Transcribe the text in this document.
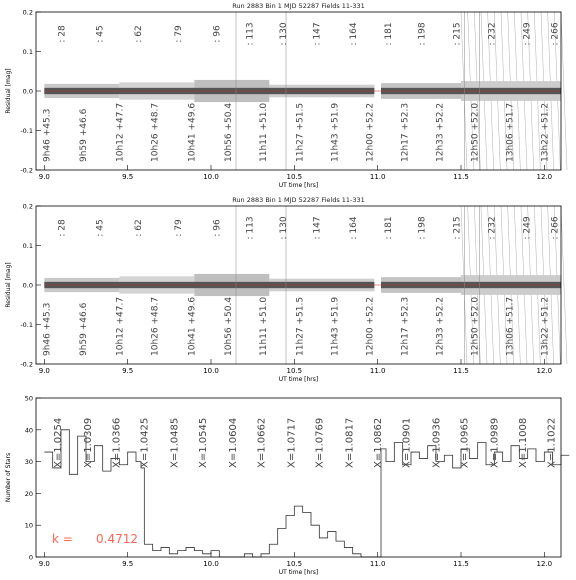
Run 2883 Bin 1 MJD 52287 Fields 11-331
: 28	: 45	: 62	: 79	: 96	: 113	: 130	: 147	: 164	: 181	: 198	: 215	: 232	: 249 : 266
9h46 +45.3	9h59 +46.6	10h12 +47.7	10h26 +48.7	10h41 +49.6	10h56 +50.4	11h11 +51.0	11h27 +51.5	11h43 +51.9	12h00 +52.2	12h17 +52.3	12h33 +52.2	12h50 +52.0	13h06 +51.7	13h22 +51.2
9.0	9.5	10.0	10.5	11.0	11.5	12.0
-0.2
-0.1
0.0
0.1
0.2
UT time [hrs]
Residual [mag]
Run 2883 Bin 1 MJD 52287 Fields 11-331
: 28	: 45	: 62	: 79	: 96	: 113	: 130	: 147	: 164	: 181	: 198	: 215	: 232	: 249 : 266
9h46 +45.3	9h59 +46.6	10h12 +47.7	10h26 +48.7	10h41 +49.6	10h56 +50.4	11h11 +51.0	11h27 +51.5	11h43 +51.9	12h00 +52.2	12h17 +52.3	12h33 +52.2	12h50 +52.0	13h06 +51.7	13h22 +51.2
9.0	9.5	10.0	10.5	11.0	11.5	12.0
-0.2
-0.1
0.0
0.1
0.2
UT time [hrs]
Residual [mag]
X=1.0254 X=1.0309 X=1.0366 X=1.0425 X=1.0485 X=1.0545 X=1.0604 X=1.0662 X=1.0717 X=1.0769 X=1.0817 X=1.0862 X=1.0901 X=1.0936 X=1.0965 X=1.0989 X=1.1008 X=1.1022
k = 0.4712
9.0	9.5	10.0	10.5	11.0	11.5	12.0
0
10
20
30
40
50
UT time [hrs]
Number of Stars
